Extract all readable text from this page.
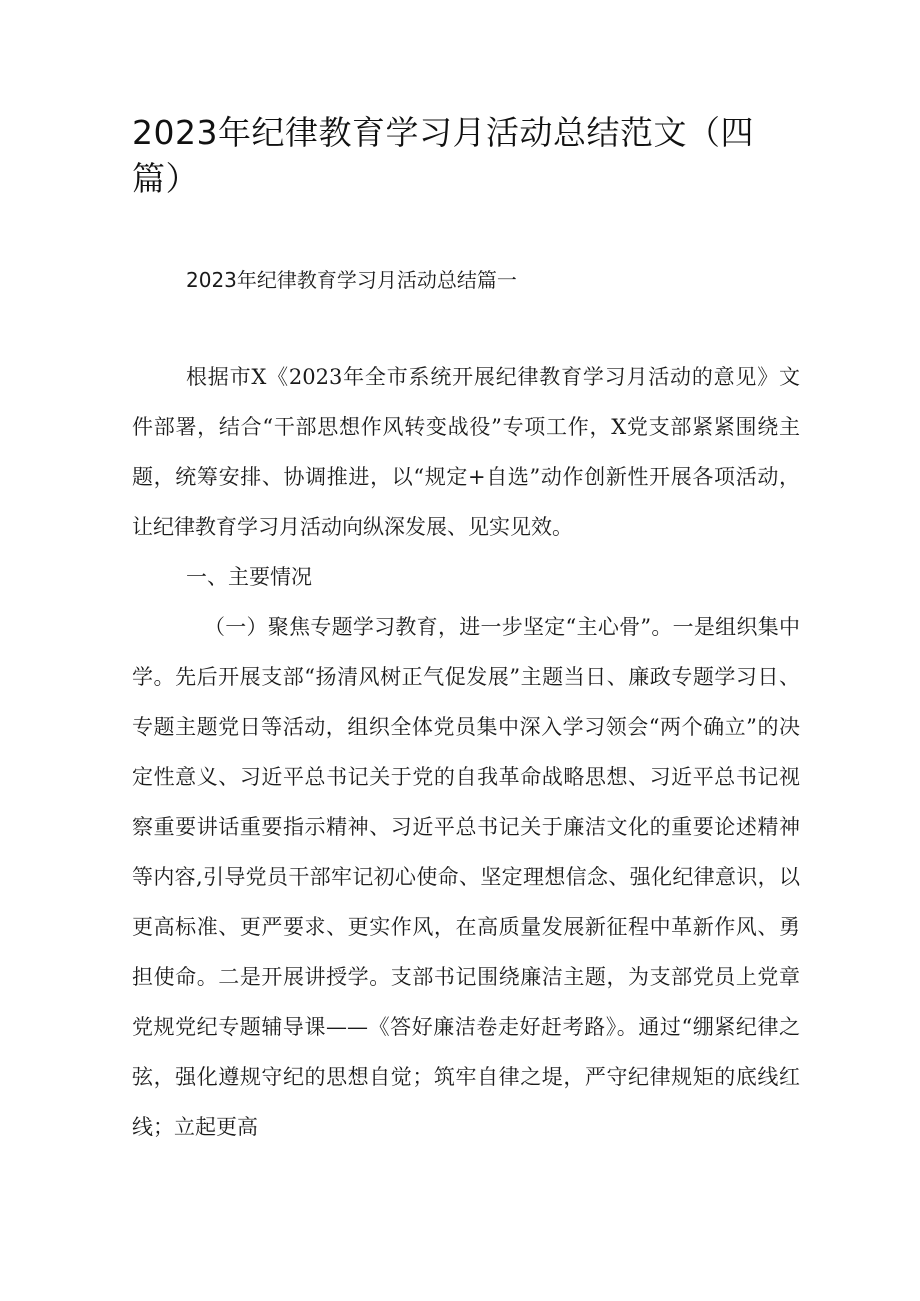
2023年纪律教育学习月活动总结范文（四篇）
2023年纪律教育学习月活动总结篇一

根据市X《2023年全市系统开展纪律教育学习月活动的意见》文件部署，结合“干部思想作风转变战役”专项工作，X党支部紧紧围绕主题，统筹安排、协调推进，以“规定+自选”动作创新性开展各项活动，让纪律教育学习月活动向纵深发展、见实见效。

一、主要情况

（一）聚焦专题学习教育，进一步坚定“主心骨”。一是组织集中学。先后开展支部“扬清风树正气促发展”主题当日、廉政专题学习日、专题主题党日等活动，组织全体党员集中深入学习领会“两个确立”的决定性意义、习近平总书记关于党的自我革命战略思想、习近平总书记视察重要讲话重要指示精神、习近平总书记关于廉洁文化的重要论述精神等内容,引导党员干部牢记初心使命、坚定理想信念、强化纪律意识，以更高标准、更严要求、更实作风，在高质量发展新征程中革新作风、勇担使命。二是开展讲授学。支部书记围绕廉洁主题，为支部党员上党章党规党纪专题辅导课——《答好廉洁卷走好赶考路》。通过“绷紧纪律之弦，强化遵规守纪的思想自觉；筑牢自律之堤，严守纪律规矩的底线红线；立起更高
